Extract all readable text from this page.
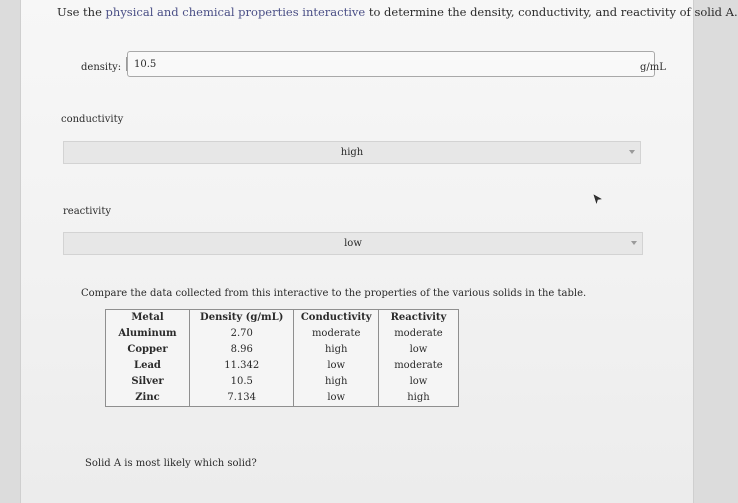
Use the physical and chemical properties interactive to determine the density, conductivity, and reactivity of solid A.
density:	10.5	g/mL
conductivity
high
reactivity
low
Compare the data collected from this interactive to the properties of the various solids in the table.
Metal	Density (g/mL)	Conductivity	Reactivity
Aluminum	2.70	moderate	moderate
Copper	8.96	high	low
Lead	11.342	low	moderate
Silver	10.5	high	low
Zinc	7.134	low	high
Solid A is most likely which solid?
